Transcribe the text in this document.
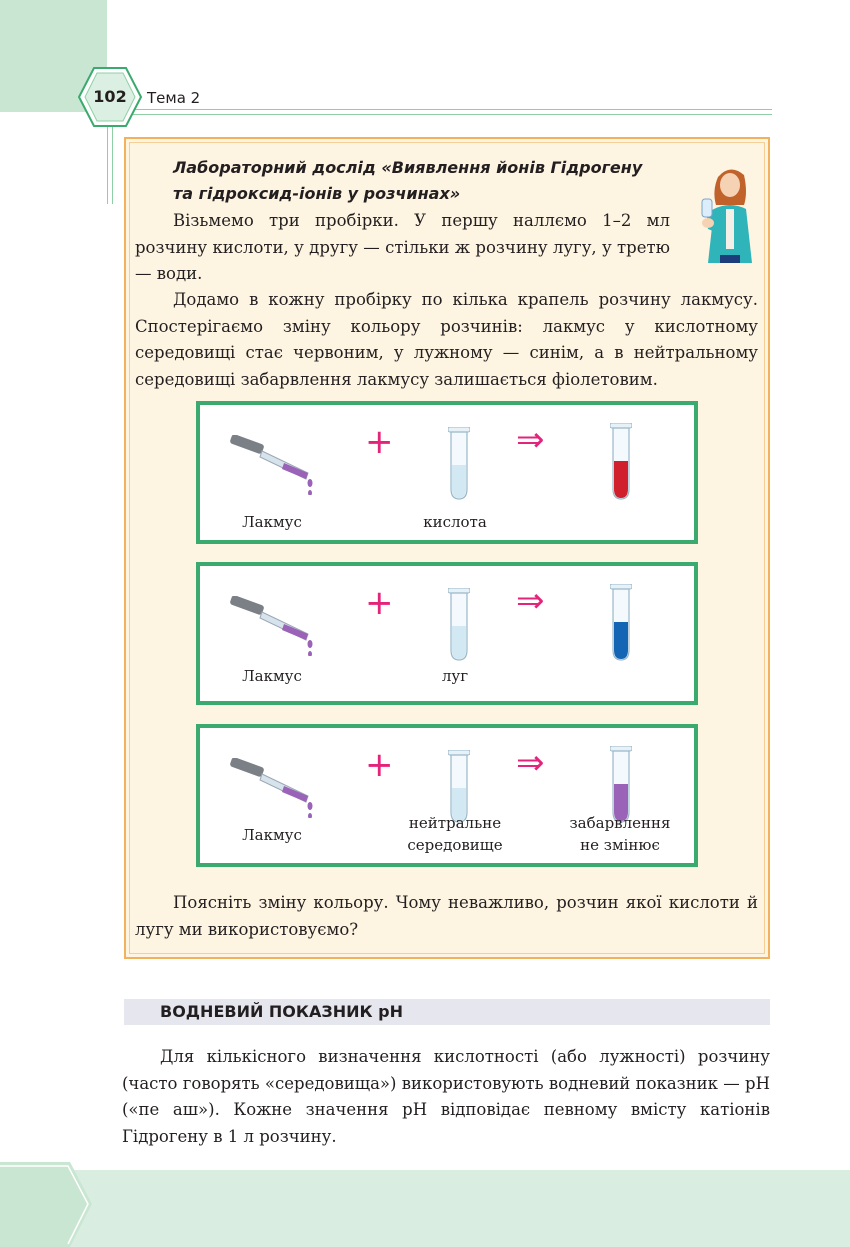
102	Тема 2
Лабораторний дослід «Виявлення йонів Гідрогену
та гідроксид-іонів у розчинах»
Візьмемо три пробірки. У першу наллємо 1–2 мл розчину кислоти, у другу — стільки ж розчину лугу, у третю — води.
Додамо в кожну пробірку по кілька крапель розчину лакмусу. Спостерігаємо зміну кольору розчинів: лакмус у кислотному середовищі стає червоним, у лужному — синім, а в нейтральному середовищі забарвлення лакмусу залишається фіолетовим.
+	⇒
Лакмус	кислота
+	⇒
Лакмус	луг
+	⇒
Лакмус
нейтральне
середовище
забарвлення
не змінює
Поясніть зміну кольору. Чому неважливо, розчин якої кислоти й лугу ми використовуємо?
ВОДНЕВИЙ ПОКАЗНИК pH
Для кількісного визначення кислотності (або лужності) розчину (часто говорять «середовища») використовують водневий показник — pH («пе аш»). Кожне значення pH відповідає певному вмісту катіонів Гідрогену в 1 л розчину.
